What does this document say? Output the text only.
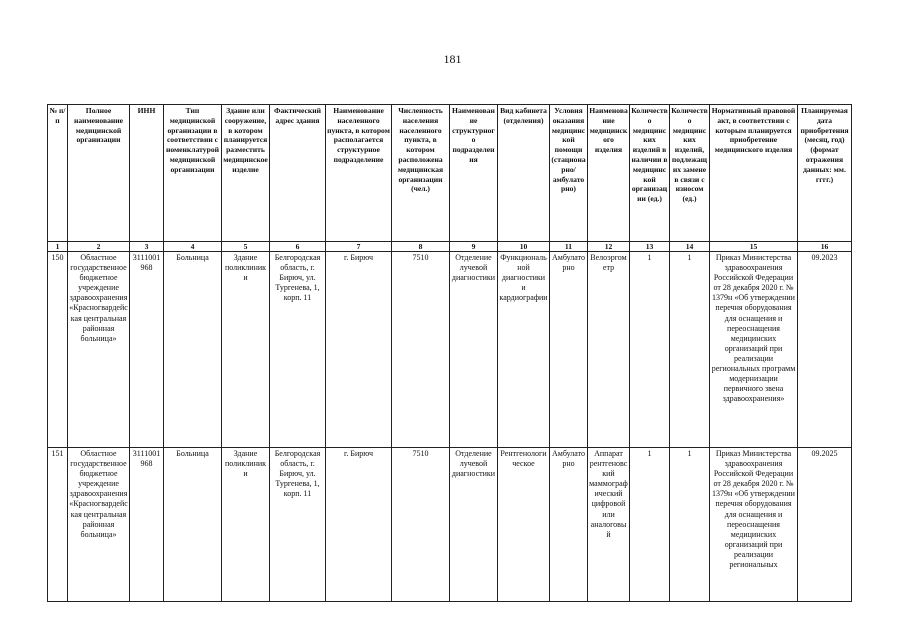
181
№ п/п	Полное наименование медицинской организации	ИНН	Тип медицинской организации в соответствии с номенклатурой медицинской организации	Здание или сооружение, в котором планируется разместить медицинское изделие	Фактический адрес здания	Наименование населенного пункта, в котором располагается структурное подразделение	Численность населения населенного пункта, в котором расположена медицинская организации (чел.)	Наименование структурного подразделения	Вид кабинета (отделения)	Условия оказания медицинской помощи (стационарно/ амбулаторно)	Наименование медицинского изделия	Количество медицинских изделий в наличии в медицинской организации (ед.)	Количество медицинских изделий, подлежащих замене в связи с износом (ед.)	Нормативный правовой акт, в соответствии с которым планируется приобретение медицинского изделия	Планируемая дата приобретения (месяц, год) (формат отражения данных: мм. гггг.)
1	2	3	4	5	6	7	8	9	10	11	12	13	14	15	16
150	Областное государственное бюджетное учреждение здравоохранения «Красногвардейская центральная районная больница»	3111001968	Больница	Здание поликлиники	Белгородская область, г. Бирюч, ул. Тургенева, 1, корп. 11	г. Бирюч	7510	Отделение лучевой диагностики	Функциональной диагностики и кардиографии	Амбулаторно	Велоэргометр	1	1	Приказ Министерства здравоохранения Российской Федерации от 28 декабря 2020 г. № 1379н «Об утверждении перечня оборудования для оснащения и переоснащения медицинских организаций при реализации региональных программ модернизации первичного звена здравоохранения»	09.2023
151	Областное государственное бюджетное учреждение здравоохранения «Красногвардейская центральная районная больница»	3111001968	Больница	Здание поликлиники	Белгородская область, г. Бирюч, ул. Тургенева, 1, корп. 11	г. Бирюч	7510	Отделение лучевой диагностики	Рентгенологическое	Амбулаторно	Аппарат рентгеновский маммографический цифровой или аналоговый	1	1	Приказ Министерства здравоохранения Российской Федерации от 28 декабря 2020 г. № 1379н «Об утверждении перечня оборудования для оснащения и переоснащения медицинских организаций при реализации региональных	09.2025
